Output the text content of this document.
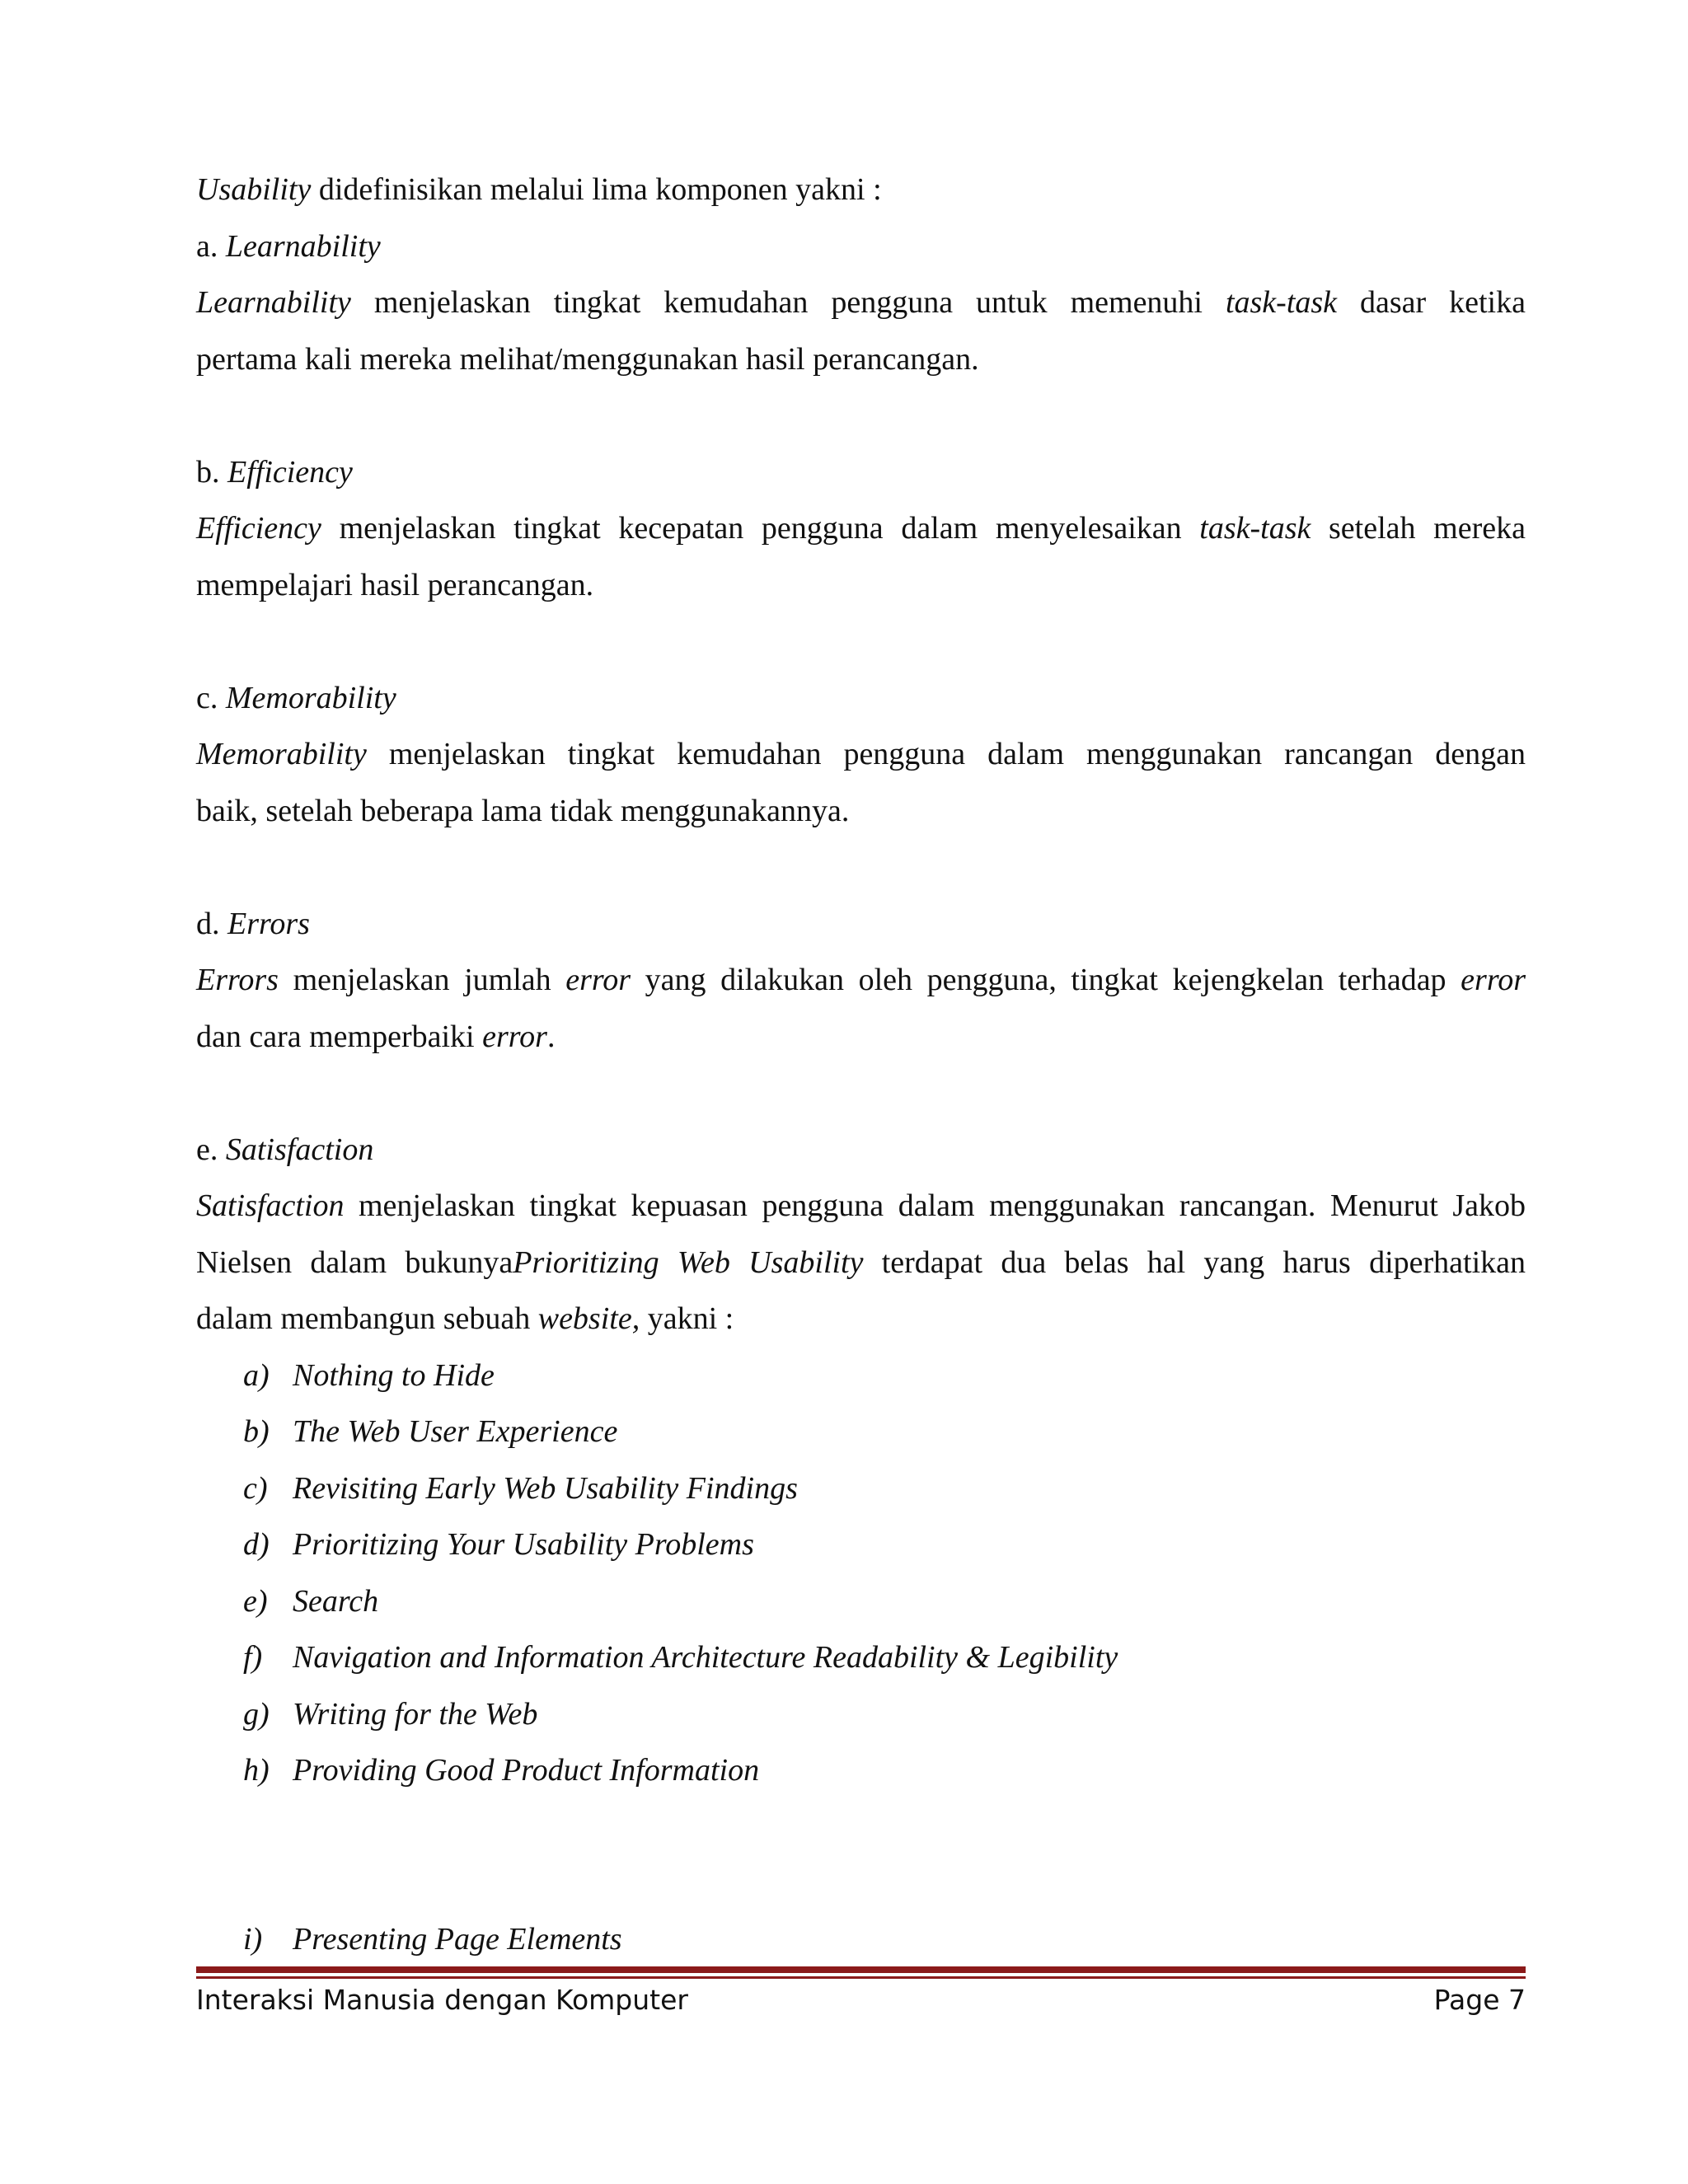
Usability didefinisikan melalui lima komponen yakni :
a. Learnability
Learnability menjelaskan tingkat kemudahan pengguna untuk memenuhi task-task dasar ketika
pertama kali mereka melihat/menggunakan hasil perancangan.
b. Efficiency
Efficiency menjelaskan tingkat kecepatan pengguna dalam menyelesaikan task-task setelah mereka
mempelajari hasil perancangan.
c. Memorability
Memorability menjelaskan tingkat kemudahan pengguna dalam menggunakan rancangan dengan
baik, setelah beberapa lama tidak menggunakannya.
d. Errors
Errors menjelaskan jumlah error yang dilakukan oleh pengguna, tingkat kejengkelan terhadap error
dan cara memperbaiki error.
e. Satisfaction
Satisfaction menjelaskan tingkat kepuasan pengguna dalam menggunakan rancangan. Menurut Jakob
Nielsen dalam bukunyaPrioritizing Web Usability terdapat dua belas hal yang harus diperhatikan
dalam membangun sebuah website, yakni :
a) Nothing to Hide
b) The Web User Experience
c) Revisiting Early Web Usability Findings
d) Prioritizing Your Usability Problems
e) Search
f) Navigation and Information Architecture Readability & Legibility
g) Writing for the Web
h) Providing Good Product Information
i) Presenting Page Elements
Interaksi Manusia dengan Komputer	Page 7
